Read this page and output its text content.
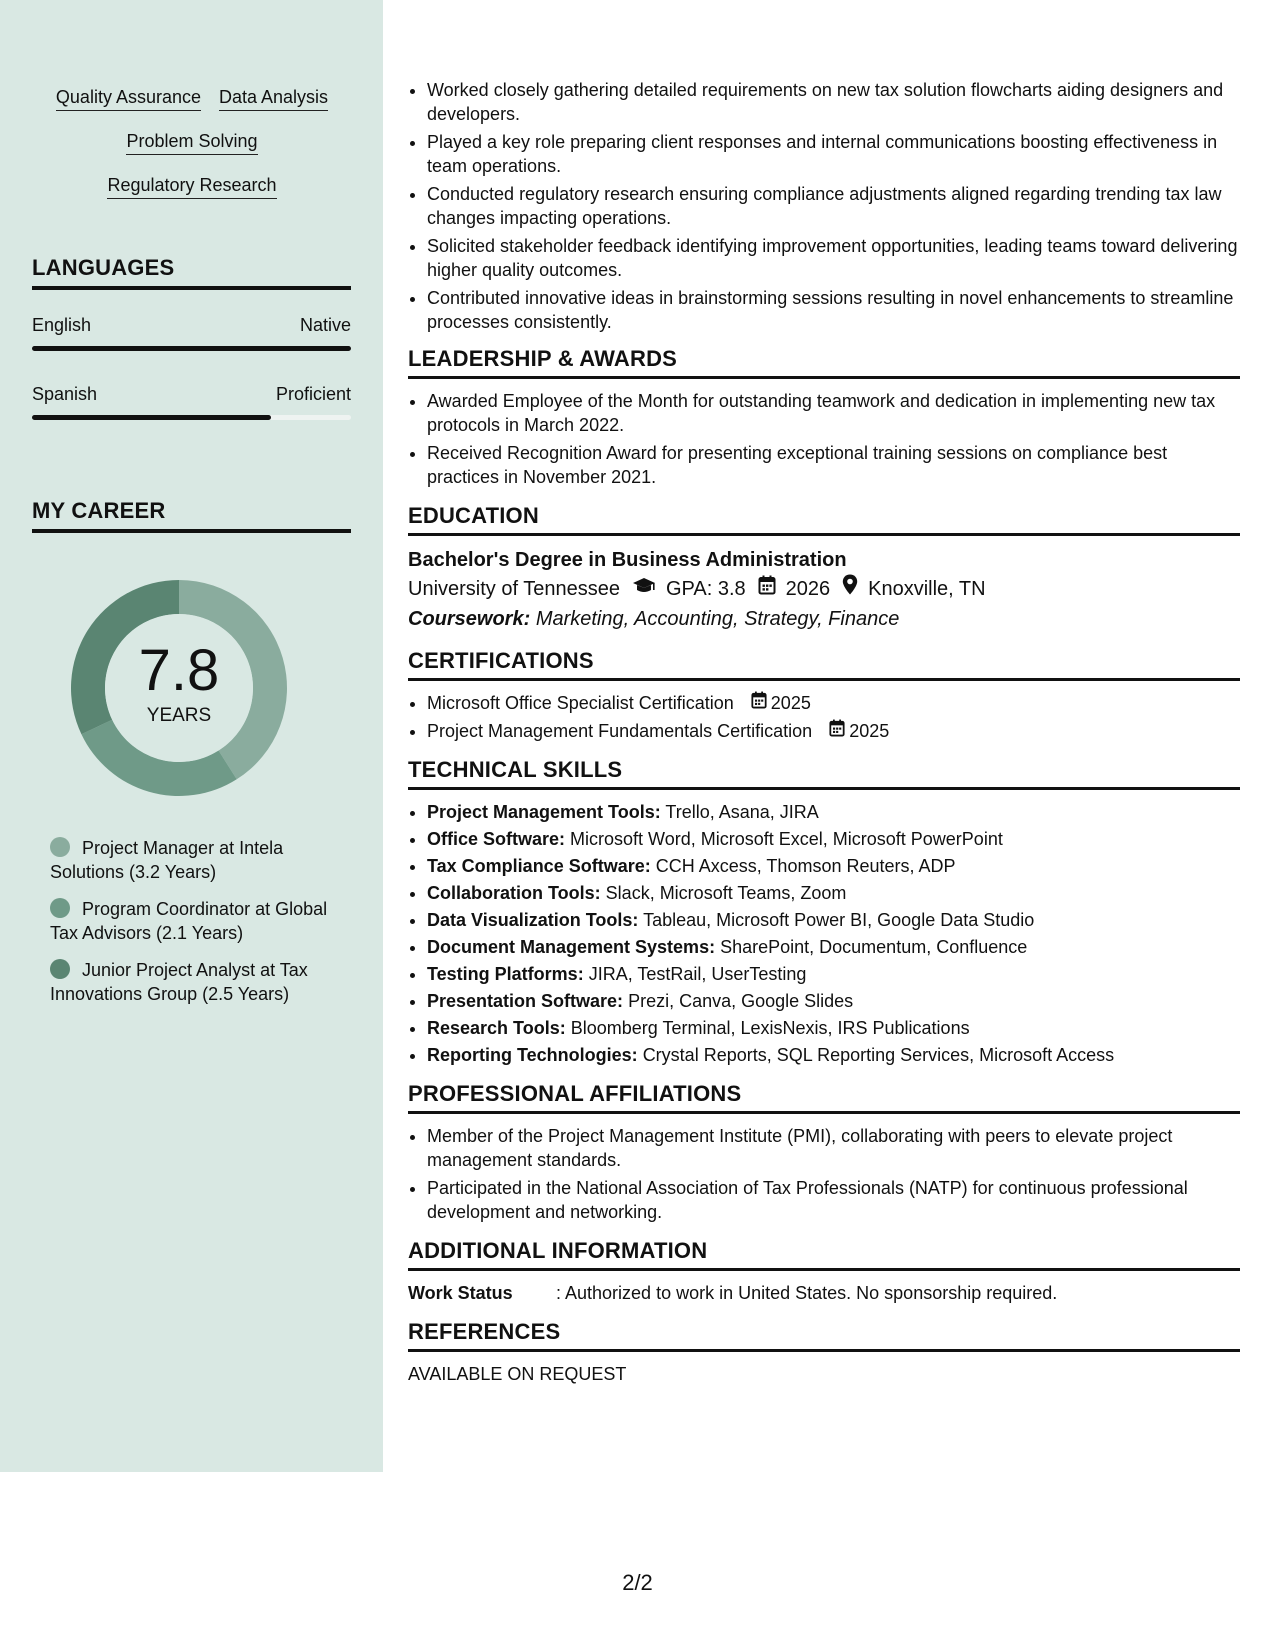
Quality Assurance Data Analysis
Problem Solving
Regulatory Research
LANGUAGES
English	Native
Spanish	Proficient
MY CAREER
7.8
YEARS
Project Manager at Intela Solutions (3.2 Years)
Program Coordinator at Global Tax Advisors (2.1 Years)
Junior Project Analyst at Tax Innovations Group (2.5 Years)
• Worked closely gathering detailed requirements on new tax solution flowcharts aiding designers and developers.
• Played a key role preparing client responses and internal communications boosting effectiveness in team operations.
• Conducted regulatory research ensuring compliance adjustments aligned regarding trending tax law changes impacting operations.
• Solicited stakeholder feedback identifying improvement opportunities, leading teams toward delivering higher quality outcomes.
• Contributed innovative ideas in brainstorming sessions resulting in novel enhancements to streamline processes consistently.
LEADERSHIP & AWARDS
• Awarded Employee of the Month for outstanding teamwork and dedication in implementing new tax protocols in March 2022.
• Received Recognition Award for presenting exceptional training sessions on compliance best practices in November 2021.
EDUCATION
Bachelor's Degree in Business Administration
University of Tennessee GPA: 3.8 2026 Knoxville, TN
Coursework: Marketing, Accounting, Strategy, Finance
CERTIFICATIONS
• Microsoft Office Specialist Certification 2025
• Project Management Fundamentals Certification 2025
TECHNICAL SKILLS
• Project Management Tools: Trello, Asana, JIRA
• Office Software: Microsoft Word, Microsoft Excel, Microsoft PowerPoint
• Tax Compliance Software: CCH Axcess, Thomson Reuters, ADP
• Collaboration Tools: Slack, Microsoft Teams, Zoom
• Data Visualization Tools: Tableau, Microsoft Power BI, Google Data Studio
• Document Management Systems: SharePoint, Documentum, Confluence
• Testing Platforms: JIRA, TestRail, UserTesting
• Presentation Software: Prezi, Canva, Google Slides
• Research Tools: Bloomberg Terminal, LexisNexis, IRS Publications
• Reporting Technologies: Crystal Reports, SQL Reporting Services, Microsoft Access
PROFESSIONAL AFFILIATIONS
• Member of the Project Management Institute (PMI), collaborating with peers to elevate project management standards.
• Participated in the National Association of Tax Professionals (NATP) for continuous professional development and networking.
ADDITIONAL INFORMATION
Work Status	: Authorized to work in United States. No sponsorship required.
REFERENCES
AVAILABLE ON REQUEST
2/2
